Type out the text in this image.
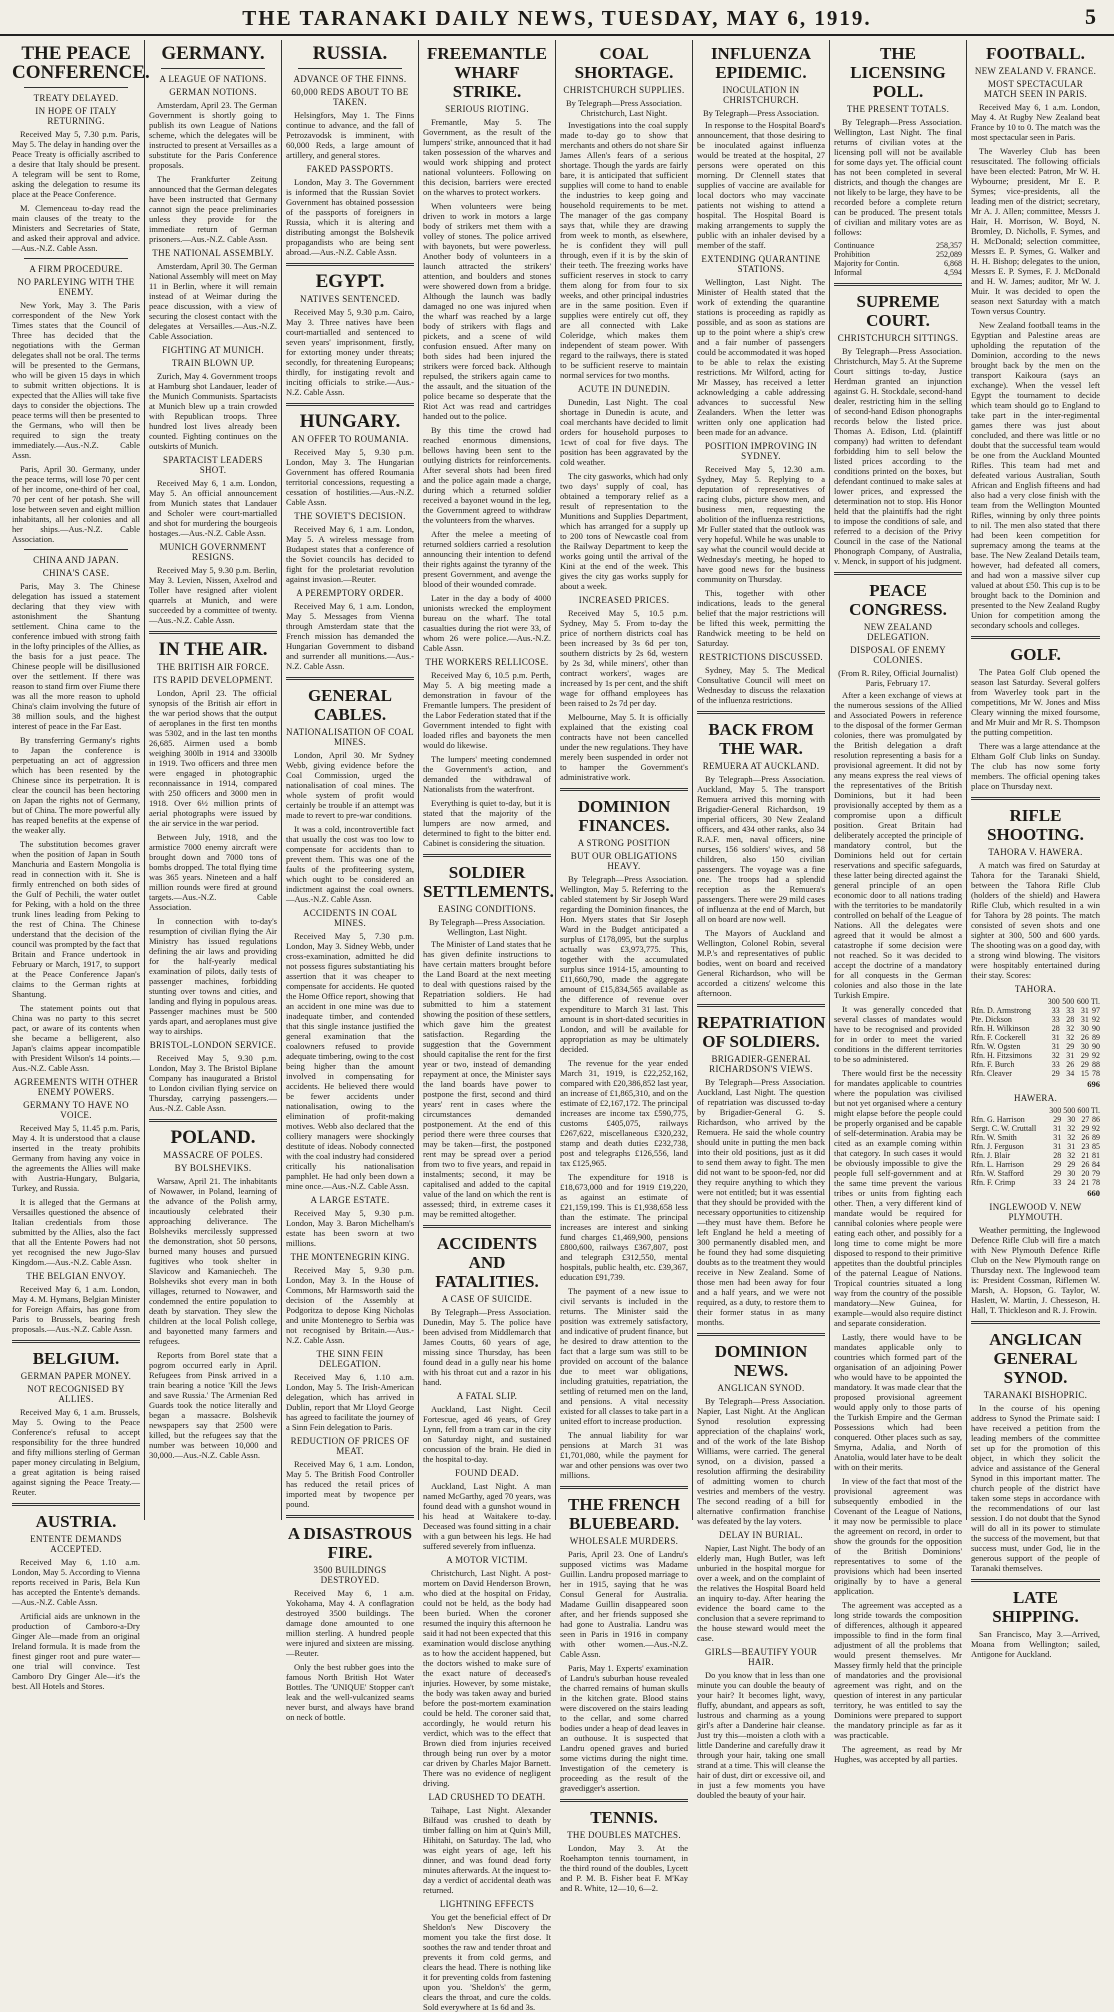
THE TARANAKI DAILY NEWS, TUESDAY, MAY 6, 1919.	5
THE PEACE CONFERENCE.
TREATY DELAYED.
IN HOPE OF ITALY RETURNING.

Received May 5, 7.30 p.m. Paris, May 5. The delay in handing over the Peace Treaty is officially ascribed to a desire that Italy should be present. A telegram will be sent to Rome, asking the delegation to resume its place at the Peace Conference.

M. Clemenceau to-day read the main clauses of the treaty to the Ministers and Secretaries of State, and asked their approval and advice.—Aus.-N.Z. Cable Assn.

A FIRM PROCEDURE.
NO PARLEYING WITH THE ENEMY.

New York, May 3. The Paris correspondent of the New York Times states that the Council of Three has decided that the negotiations with the German delegates shall not be oral. The terms will be presented to the Germans, who will be given 15 days in which to submit written objections. It is expected that the Allies will take five days to consider the objections. The peace terms will then be presented to the Germans, who will then be required to sign the treaty immediately.—Aus.-N.Z. Cable Assn.

Paris, April 30. Germany, under the peace terms, will lose 70 per cent of her income, one-third of her coal, 70 per cent of her potash. She will lose between seven and eight million inhabitants, all her colonies and all her ships.—Aus.-N.Z. Cable Association.

CHINA AND JAPAN.
CHINA'S CASE.

Paris, May 3. The Chinese delegation has issued a statement declaring that they view with astonishment the Shantung settlement. China came to the conference imbued with strong faith in the lofty principles of the Allies, as the basis for a just peace. The Chinese people will be disillusioned over the settlement. If there was reason to stand firm over Fiume there was all the more reason to uphold China's claim involving the future of 38 million souls, and the highest interest of peace in the Far East.

By transferring Germany's rights to Japan the conference is perpetuating an act of aggression which has been resented by the Chinese since its perpetration. It is clear the council has been hectoring on Japan the rights not of Germany, but of China. The more powerful ally has reaped benefits at the expense of the weaker ally.

The substitution becomes graver when the position of Japan in South Manchuria and Eastern Mongolia is read in connection with it. She is firmly entrenched on both sides of the Gulf of Pechili, the water outlet for Peking, with a hold on the three trunk lines leading from Peking to the rest of China. The Chinese understand that the decision of the council was prompted by the fact that Britain and France undertook in February or March, 1917, to support at the Peace Conference Japan's claims to the German rights at Shantung.

The statement points out that China was no party to this secret pact, or aware of its contents when she became a belligerent, also Japan's claims appear incompatible with President Wilson's 14 points.—Aus.-N.Z. Cable Assn.

AGREEMENTS WITH OTHER ENEMY POWERS.
GERMANY TO HAVE NO VOICE.

Received May 5, 11.45 p.m. Paris, May 4. It is understood that a clause inserted in the treaty prohibits Germany from having any voice in the agreements the Allies will make with Austria-Hungary, Bulgaria, Turkey, and Russia.

It is alleged that the Germans at Versailles questioned the absence of Italian credentials from those submitted by the Allies, also the fact that all the Entente Powers had not yet recognised the new Jugo-Slav Kingdom.—Aus.-N.Z. Cable Assn.

THE BELGIAN ENVOY.

Received May 6, 1 a.m. London, May 4. M. Hymans, Belgian Minister for Foreign Affairs, has gone from Paris to Brussels, bearing fresh proposals.—Aus.-N.Z. Cable Assn.

BELGIUM.
GERMAN PAPER MONEY.
NOT RECOGNISED BY ALLIES.

Received May 6, 1 a.m. Brussels, May 5. Owing to the Peace Conference's refusal to accept responsibility for the three hundred and fifty millions sterling of German paper money circulating in Belgium, a great agitation is being raised against signing the Peace Treaty.—Reuter.

AUSTRIA.
ENTENTE DEMANDS ACCEPTED.

Received May 6, 1.10 a.m. London, May 5. According to Vienna reports received in Paris, Bela Kun has accepted the Entente's demands.—Aus.-N.Z. Cable Assn.

Artificial aids are unknown in the production of Camboro-a-Dry Ginger Ale—made from an original Ireland formula. It is made from the finest ginger root and pure water—one trial will convince. Test Camboro Dry Ginger Ale—it's the best. All Hotels and Stores.

GERMANY.
A LEAGUE OF NATIONS.
GERMAN NOTIONS.

Amsterdam, April 23. The German Government is shortly going to publish its own League of Nations scheme, which the delegates will be instructed to present at Versailles as a substitute for the Paris Conference proposals.

The Frankfurter Zeitung announced that the German delegates have been instructed that Germany cannot sign the peace preliminaries unless they provide for the immediate return of German prisoners.—Aus.-N.Z. Cable Assn.

THE NATIONAL ASSEMBLY.

Amsterdam, April 30. The German National Assembly will meet on May 11 in Berlin, where it will remain instead of at Weimar during the peace discussion, with a view of securing the closest contact with the delegates at Versailles.—Aus.-N.Z. Cable Association.

FIGHTING AT MUNICH.
TRAIN BLOWN UP.

Zurich, May 4. Government troops at Hamburg shot Landauer, leader of the Munich Communists. Spartacists at Munich blew up a train crowded with Republican troops. Three hundred lost lives already been counted. Fighting continues on the outskirts of Munich.

SPARTACIST LEADERS SHOT.

Received May 6, 1 a.m. London, May 5. An official announcement from Munich states that Landauer and Scholer were court-martialled and shot for murdering the bourgeois hostages.—Aus.-N.Z. Cable Assn.

MUNICH GOVERNMENT RESIGNS.

Received May 5, 9.30 p.m. Berlin, May 3. Levien, Nissen, Axelrod and Toller have resigned after violent quarrels at Munich, and were succeeded by a committee of twenty.—Aus.-N.Z. Cable Assn.

IN THE AIR.
THE BRITISH AIR FORCE.
ITS RAPID DEVELOPMENT.

London, April 23. The official synopsis of the British air effort in the war period shows that the output of aeroplanes in the first ten months was 5302, and in the last ten months 26,685. Airmen used a bomb weighing 300lb in 1914 and 3300lb in 1919. Two officers and three men were engaged in photographic reconnaissance in 1914, compared with 250 officers and 3000 men in 1918. Over 6½ million prints of aerial photographs were issued by the air service in the war period.

Between July, 1918, and the armistice 7000 enemy aircraft were brought down and 7000 tons of bombs dropped. The total flying time was 365 years. Nineteen and a half million rounds were fired at ground targets.—Aus.-N.Z. Cable Association.

In connection with to-day's resumption of civilian flying the Air Ministry has issued regulations defining the air laws and providing for the half-yearly medical examination of pilots, daily tests of passenger machines, forbidding stunting over towns and cities, and landing and flying in populous areas. Passenger machines must be 500 yards apart, and aeroplanes must give way to airships.

BRISTOL-LONDON SERVICE.

Received May 5, 9.30 p.m. London, May 3. The Bristol Biplane Company has inaugurated a Bristol to London civilian flying service on Thursday, carrying passengers.—Aus.-N.Z. Cable Assn.

POLAND.
MASSACRE OF POLES.
BY BOLSHEVIKS.

Warsaw, April 21. The inhabitants of Nowawer, in Poland, learning of the advance of the Polish army, incautiously celebrated their approaching deliverance. The Bolsheviks mercilessly suppressed the demonstration, shot 50 persons, burned many houses and pursued fugitives who took shelter in Slavicow and Kamaniecheh. The Bolsheviks shot every man in both villages, returned to Nowawer, and condemned the entire population to death by starvation. They slew the children at the local Polish college, and bayonetted many farmers and refugees.

Reports from Borel state that a pogrom occurred early in April. Refugees from Pinsk arrived in a train bearing a notice 'Kill the Jews and save Russia.' The Armenian Red Guards took the notice literally and began a massacre. Bolshevik newspapers say that 2500 were killed, but the refugees say that the number was between 10,000 and 30,000.—Aus.-N.Z. Cable Assn.

RUSSIA.
ADVANCE OF THE FINNS.
60,000 REDS ABOUT TO BE TAKEN.

Helsingfors, May 1. The Finns continue to advance, and the fall of Petrozavodsk is imminent, with 60,000 Reds, a large amount of artillery, and general stores.

FAKED PASSPORTS.

London, May 3. The Government is informed that the Russian Soviet Government has obtained possession of the passports of foreigners in Russia, which it is altering and distributing amongst the Bolshevik propagandists who are being sent abroad.—Aus.-N.Z. Cable Assn.

EGYPT.
NATIVES SENTENCED.

Received May 5, 9.30 p.m. Cairo, May 3. Three natives have been court-martialled and sentenced to seven years' imprisonment, firstly, for extorting money under threats; secondly, for threatening Europeans; thirdly, for instigating revolt and inciting officials to strike.—Aus.-N.Z. Cable Assn.

HUNGARY.
AN OFFER TO ROUMANIA.

Received May 5, 9.30 p.m. London, May 3. The Hungarian Government has offered Roumania territorial concessions, requesting a cessation of hostilities.—Aus.-N.Z. Cable Assn.

THE SOVIET'S DECISION.

Received May 6, 1 a.m. London, May 5. A wireless message from Budapest states that a conference of the Soviet councils has decided to fight for the proletariat revolution against invasion.—Reuter.

A PEREMPTORY ORDER.

Received May 6, 1 a.m. London, May 5. Messages from Vienna through Amsterdam state that the French mission has demanded the Hungarian Government to disband and surrender all munitions.—Aus.-N.Z. Cable Assn.

GENERAL CABLES.
NATIONALISATION OF COAL MINES.

London, April 30. Mr Sydney Webb, giving evidence before the Coal Commission, urged the nationalisation of coal mines. The whole system of profit would certainly be trouble if an attempt was made to revert to pre-war conditions.

It was a cold, incontrovertible fact that usually the cost was too low to compensate for accidents than to prevent them. This was one of the faults of the profiteering system, which ought to be considered an indictment against the coal owners.—Aus.-N.Z. Cable Assn.

ACCIDENTS IN COAL MINES.

Received May 5, 7.30 p.m. London, May 3. Sidney Webb, under cross-examination, admitted he did not possess figures substantiating his assertion that it was cheaper to compensate for accidents. He quoted the Home Office report, showing that an accident in one mine was due to inadequate timber, and contended that this single instance justified the general examination that the coalowners refused to provide adequate timbering, owing to the cost being higher than the amount involved in compensating for accidents. He believed there would be fewer accidents under nationalisation, owing to the elimination of profit-making motives. Webb also declared that the colliery managers were shockingly destitute of ideas. Nobody connected with the coal industry had considered critically his nationalisation pamphlet. He had only been down a mine once.—Aus.-N.Z. Cable Assn.

A LARGE ESTATE.

Received May 5, 9.30 p.m. London, May 3. Baron Michelham's estate has been sworn at two millions.

THE MONTENEGRIN KING.

Received May 5, 9.30 p.m. London, May 3. In the House of Commons, Mr Harmsworth said the decision of the Assembly at Podgoritza to depose King Nicholas and unite Montenegro to Serbia was not recognised by Britain.—Aus.-N.Z. Cable Assn.

THE SINN FEIN DELEGATION.

Received May 6, 1.10 a.m. London, May 5. The Irish-American delegation, which has arrived in Dublin, report that Mr Lloyd George has agreed to facilitate the journey of a Sinn Fein delegation to Paris.

REDUCTION OF PRICES OF MEAT.

Received May 6, 1 a.m. London, May 5. The British Food Controller has reduced the retail prices of imported meat by twopence per pound.

A DISASTROUS FIRE.
3500 BUILDINGS DESTROYED.

Received May 6, 1 a.m. Yokohama, May 4. A conflagration destroyed 3500 buildings. The damage done amounted to one million sterling. A hundred people were injured and sixteen are missing.—Reuter.

Only the best rubber goes into the famous North British Hot Water Bottles. The 'UNIQUE' Stopper can't leak and the well-vulcanized seams never burst, and always have brand on neck of bottle.

FREEMANTLE WHARF STRIKE.
SERIOUS RIOTING.

Fremantle, May 5. The Government, as the result of the lumpers' strike, announced that it had taken possession of the wharves and would work shipping and protect national volunteers. Following on this decision, barriers were erected on the wharves to protect workers.

When volunteers were being driven to work in motors a large body of strikers met them with a volley of stones. The police arrived with bayonets, but were powerless. Another body of volunteers in a launch attracted the strikers' attention, and boulders and stones were showered down from a bridge. Although the launch was badly damaged no one was injured when the wharf was reached by a large body of strikers with flags and pickets, and a scene of wild confusion ensued. After many on both sides had been injured the strikers were forced back. Although repulsed, the strikers again came to the assault, and the situation of the police became so desperate that the Riot Act was read and cartridges handed out to the police.

By this time the crowd had reached enormous dimensions, bellows having been sent to the outlying districts for reinforcements. After several shots had been fired and the police again made a charge, during which a returned soldier received a bayonet wound in the leg, the Government agreed to withdraw the volunteers from the wharves.

After the melee a meeting of returned soldiers carried a resolution announcing their intention to defend their rights against the tyranny of the present Government, and avenge the blood of their wounded comrade.

Later in the day a body of 4000 unionists wrecked the employment bureau on the wharf. The total casualties during the riot were 33, of whom 26 were police.—Aus.-N.Z. Cable Assn.

THE WORKERS RELLICOSE.

Received May 6, 10.5 p.m. Perth, May 5. A big meeting made a demonstration in favour of the Fremantle lumpers. The president of the Labor Federation stated that if the Government intended to fight with loaded rifles and bayonets the men would do likewise.

The lumpers' meeting condemned the Government's action, and demanded the withdrawal of Nationalists from the waterfront.

Everything is quiet to-day, but it is stated that the majority of the lumpers are now armed, and determined to fight to the bitter end. Cabinet is considering the situation.

SOLDIER SETTLEMENTS.
EASING CONDITIONS.
By Telegraph—Press Association. Wellington, Last Night.

The Minister of Land states that he has given definite instructions to have certain matters brought before the Land Board at the next meeting to deal with questions raised by the Repatriation soldiers. He had submitted to him a statement showing the position of these settlers, which gave him the greatest satisfaction. Regarding the suggestion that the Government should capitalise the rent for the first year or two, instead of demanding repayment at once, the Minister says the land boards have power to postpone the first, second and third years' rent in cases where the circumstances demanded postponement. At the end of this period there were three courses that may be taken—first, the postponed rent may be spread over a period from two to five years, and repaid in instalments; second, it may be capitalised and added to the capital value of the land on which the rent is assessed; third, in extreme cases it may be remitted altogether.

ACCIDENTS AND FATALITIES.
A CASE OF SUICIDE.

By Telegraph—Press Association. Dunedin, May 5. The police have been advised from Middlemarch that James Coutts, 60 years of age, missing since Thursday, has been found dead in a gully near his home with his throat cut and a razor in his hand.

A FATAL SLIP.

Auckland, Last Night. Cecil Fortescue, aged 46 years, of Grey Lynn, fell from a tram car in the city on Saturday night, and sustained concussion of the brain. He died in the hospital to-day.

FOUND DEAD.

Auckland, Last Night. A man named McGarthy, aged 70 years, was found dead with a gunshot wound in his head at Waitakere to-day. Deceased was found sitting in a chair with a gun between his legs. He had suffered severely from influenza.

A MOTOR VICTIM.

Christchurch, Last Night. A post-mortem on David Henderson Brown, who died at the hospital on Friday, could not be held, as the body had been buried. When the coroner resumed the inquiry this afternoon he said it had not been expected that this examination would disclose anything as to how the accident happened, but the doctors wished to make sure of the exact nature of deceased's injuries. However, by some mistake, the body was taken away and buried before the post-mortem examination could be held. The coroner said that, accordingly, he would return his verdict, which was to the effect that Brown died from injuries received through being run over by a motor car driven by Charles Major Barnett. There was no evidence of negligent driving.

LAD CRUSHED TO DEATH.

Taihape, Last Night. Alexander Bilfaud was crushed to death by timber falling on him at Quin's Mill, Hihitahi, on Saturday. The lad, who was eight years of age, left his dinner, and was found dead forty minutes afterwards. At the inquest to-day a verdict of accidental death was returned.

LIGHTNING EFFECTS

You get the beneficial effect of Dr Sheldon's New Discovery the moment you take the first dose. It soothes the raw and tender throat and prevents it from cold germs, and clears the head. There is nothing like it for preventing colds from fastening upon you. 'Sheldon's' the germ, clears the throat, and cure the colds. Sold everywhere at 1s 6d and 3s.

COAL SHORTAGE.
CHRISTCHURCH SUPPLIES.
By Telegraph—Press Association. Christchurch, Last Night.

Investigations into the coal supply made to-day go to show that merchants and others do not share Sir James Allen's fears of a serious shortage. Though the yards are fairly bare, it is anticipated that sufficient supplies will come to hand to enable the industries to keep going and household requirements to be met. The manager of the gas company says that, while they are drawing from week to month, as elsewhere, he is confident they will pull through, even if it is by the skin of their teeth. The freezing works have sufficient reserves in stock to carry them along for from four to six weeks, and other principal industries are in the same position. Even if supplies were entirely cut off, they are all connected with Lake Coleridge, which makes them independent of steam power. With regard to the railways, there is stated to be sufficient reserve to maintain normal services for two months.

ACUTE IN DUNEDIN.

Dunedin, Last Night. The coal shortage in Dunedin is acute, and coal merchants have decided to limit orders for household purposes to 1cwt of coal for five days. The position has been aggravated by the cold weather.

The city gasworks, which had only two days' supply of coal, has obtained a temporary relief as a result of representation to the Munitions and Supplies Department, which has arranged for a supply up to 200 tons of Newcastle coal from the Railway Department to keep the works going until the arrival of the Kini at the end of the week. This gives the city gas works supply for about a week.

INCREASED PRICES.

Received May 5, 10.5 p.m. Sydney, May 5. From to-day the price of northern districts coal has been increased by 3s 6d per ton, southern districts by 2s 6d, western by 2s 3d, while miners', other than contract workers', wages are increased by 1s per cent, and the shift wage for offhand employees has been raised to 2s 7d per day.

Melbourne, May 5. It is officially explained that the existing coal contracts have not been cancelled under the new regulations. They have merely been suspended in order not to hamper the Government's administrative work.

DOMINION FINANCES.
A STRONG POSITION
BUT OUR OBLIGATIONS HEAVY.

By Telegraph—Press Association. Wellington, May 5. Referring to the cabled statement by Sir Joseph Ward regarding the Dominion finances, the Hon. Myers states that Sir Joseph Ward in the Budget anticipated a surplus of £178,095, but the surplus actually was £3,973,775. This, together with the accumulated surplus since 1914-15, amounting to £11,660,790, made the aggregate amount of £15,834,565 available as the difference of revenue over expenditure to March 31 last. This amount is in short-dated securities in London, and will be available for appropriation as may be ultimately decided.

The revenue for the year ended March 31, 1919, is £22,252,162, compared with £20,386,852 last year, an increase of £1,865,310, and on the estimate of £2,167,172. The principal increases are income tax £590,775, customs £405,075, railways £267,622, miscellaneous £320,232, stamp and death duties £232,738, post and telegraphs £126,556, land tax £125,965.

The expenditure for 1918 is £18,673,000 and for 1919 £19,220, as against an estimate of £21,159,199. This is £1,938,658 less than the estimate. The principal increases are interest and sinking fund charges £1,469,900, pensions £800,600, railways £367,807, post and telegraph £312,550, mental hospitals, public health, etc. £39,367, education £91,739.

The payment of a new issue to civil servants is included in the returns. The Minister said the position was extremely satisfactory, and indicative of prudent finance, but he desired to draw attention to the fact that a large sum was still to be provided on account of the balance due to meet war obligations, including gratuities, repatriation, the settling of returned men on the land, and pensions. A vital necessity existed for all classes to take part in a united effort to increase production.

The annual liability for war pensions at March 31 was £1,701,080, while the payment for war and other pensions was over two millions.

THE FRENCH BLUEBEARD.
WHOLESALE MURDERS.

Paris, April 23. One of Landru's supposed victims was Madame Guillin. Landru proposed marriage to her in 1915, saying that he was Consul General for Australia. Madame Guillin disappeared soon after, and her friends supposed she had gone to Australia. Landru was seen in Paris in 1916 in company with other women.—Aus.-N.Z. Cable Assn.

Paris, May 1. Experts' examination of Landru's suburban house revealed the charred remains of human skulls in the kitchen grate. Blood stains were discovered on the stairs leading to the cellar, and some charred bodies under a heap of dead leaves in an outhouse. It is suspected that Landru opened graves and buried some victims during the night time. Investigation of the cemetery is proceeding as the result of the gravedigger's assertion.

TENNIS.
THE DOUBLES MATCHES.

London, May 3. At the Roehampton tennis tournament, in the third round of the doubles, Lycett and P. M. B. Fisher beat F. M'Kay and R. White, 12—10, 6—2.

INFLUENZA EPIDEMIC.
INOCULATION IN CHRISTCHURCH.
By Telegraph—Press Association.

In response to the Hospital Board's announcement, that those desiring to be inoculated against influenza would be treated at the hospital, 27 persons were operated on this morning. Dr Clennell states that supplies of vaccine are available for local doctors who may vaccinate patients not wishing to attend a hospital. The Hospital Board is making arrangements to supply the public with an inhaler devised by a member of the staff.

EXTENDING QUARANTINE STATIONS.

Wellington, Last Night. The Minister of Health stated that the work of extending the quarantine stations is proceeding as rapidly as possible, and as soon as stations are up to the point where a ship's crew and a fair number of passengers could be accommodated it was hoped to be able to relax the existing restrictions. Mr Wilford, acting for Mr Massey, has received a letter acknowledging a cable addressing advances to successful New Zealanders. When the letter was written only one application had been made for an advance.

POSITION IMPROVING IN SYDNEY.

Received May 5, 12.30 a.m. Sydney, May 5. Replying to a deputation of representatives of racing clubs, picture show men, and business men, requesting the abolition of the influenza restrictions, Mr Fuller stated that the outlook was very hopeful. While he was unable to say what the council would decide at Wednesday's meeting, he hoped to have good news for the business community on Thursday.

This, together with other indications, leads to the general belief that the major restrictions will be lifted this week, permitting the Randwick meeting to be held on Saturday.

RESTRICTIONS DISCUSSED.

Sydney, May 5. The Medical Consultative Council will meet on Wednesday to discuss the relaxation of the influenza restrictions.

BACK FROM THE WAR.
REMUERA AT AUCKLAND.

By Telegraph—Press Association. Auckland, May 5. The transport Remuera arrived this morning with Brigadier-General Richardson, 19 imperial officers, 30 New Zealand officers, and 434 other ranks, also 34 R.A.F. men, naval officers, nine nurses, 156 soldiers' wives, and 58 children, also 150 civilian passengers. The voyage was a fine one. The troops had a splendid reception as the Remuera's passengers. There were 29 mild cases of influenza at the end of March, but all on board are now well.

The Mayors of Auckland and Wellington, Colonel Robin, several M.P.'s and representatives of public bodies, went on board and received General Richardson, who will be accorded a citizens' welcome this afternoon.

REPATRIATION OF SOLDIERS.
BRIGADIER-GENERAL RICHARDSON'S VIEWS.

By Telegraph—Press Association. Auckland, Last Night. The question of repatriation was discussed to-day by Brigadier-General G. S. Richardson, who arrived by the Remuera. He said the whole country should unite in putting the men back into their old positions, just as it did to send them away to fight. The men did not want to be spoon-fed, nor did they require anything to which they were not entitled; but it was essential that they should be provided with the necessary opportunities to citizenship—they must have them. Before he left England he held a meeting of 300 permanently disabled men, and he found they had some disquieting doubts as to the treatment they would receive in New Zealand. Some of those men had been away for four and a half years, and we were not required, as a duty, to restore them to their former status in as many months.

DOMINION NEWS.
ANGLICAN SYNOD.

By Telegraph—Press Association. Napier, Last Night. At the Anglican Synod resolution expressing appreciation of the chaplains' work, and of the work of the late Bishop Williams, were carried. The general synod, on a division, passed a resolution affirming the desirability of admitting women to church vestries and members of the vestry. The second reading of a bill for alternative confirmation franchise was defeated by the lay voters.

DELAY IN BURIAL.

Napier, Last Night. The body of an elderly man, Hugh Butler, was left unburied in the hospital morgue for over a week, and on the complaint of the relatives the Hospital Board held an inquiry to-day. After hearing the evidence the board came to the conclusion that a severe reprimand to the house steward would meet the case.

GIRLS—BEAUTIFY YOUR HAIR.

Do you know that in less than one minute you can double the beauty of your hair? It becomes light, wavy, fluffy, abundant, and appears as soft, lustrous and charming as a young girl's after a Danderine hair cleanse. Just try this—moisten a cloth with a little Danderine and carefully draw it through your hair, taking one small strand at a time. This will cleanse the hair of dust, dirt or excessive oil, and in just a few moments you have doubled the beauty of your hair.

THE LICENSING POLL.
THE PRESENT TOTALS.

By Telegraph—Press Association. Wellington, Last Night. The final returns of civilian votes at the licensing poll will not be available for some days yet. The official count has not been completed in several districts, and though the changes are not likely to be large, they have to be recorded before a complete return can be produced. The present totals of civilian and military votes are as follows:

Continuance	258,357
Prohibition	252,089
Majority for Contin.	6,868
Informal	4,594
SUPREME COURT.
CHRISTCHURCH SITTINGS.

By Telegraph—Press Association. Christchurch, May 5. At the Supreme Court sittings to-day, Justice Herdman granted an injunction against G. H. Stockdale, second-hand dealer, restricting him in the selling of second-hand Edison phonographs records below the listed price. Thomas A. Edison, Ltd. (plaintiff company) had written to defendant forbidding him to sell below the listed prices according to the conditions printed on the boxes, but defendant continued to make sales at lower prices, and expressed the determination not to stop. His Honor held that the plaintiffs had the right to impose the conditions of sale, and referred to a decision of the Privy Council in the case of the National Phonograph Company, of Australia, v. Menck, in support of his judgment.

PEACE CONGRESS.
NEW ZEALAND DELEGATION.
DISPOSAL OF ENEMY COLONIES.
(From R. Riley, Official Journalist) Paris, February 17.

After a keen exchange of views at the numerous sessions of the Allied and Associated Powers in reference to the disposal of the former German colonies, there was promulgated by the British delegation a draft resolution representing a basis for a provisional agreement. It did not by any means express the real views of the representatives of the British Dominions, but it had been provisionally accepted by them as a compromise upon a difficult position. Great Britain had deliberately accepted the principle of mandatory control, but the Dominions held out for certain reservations and specific safeguards, these latter being directed against the general principle of an open economic door to all nations trading with the territories to be mandatorily controlled on behalf of the League of Nations. All the delegates were agreed that it would be almost a catastrophe if some decision were not reached. So it was decided to accept the doctrine of a mandatory for all conquests in the German colonies and also those in the late Turkish Empire.

It was generally conceded that several classes of mandates would have to be recognised and provided for in order to meet the varied conditions in the different territories to be so administered.

There would first be the necessity for mandates applicable to countries where the population was civilised but not yet organised where a century might elapse before the people could be properly organised and be capable of self-determination. Arabia may be cited as an example coming within that category. In such cases it would be obviously impossible to give the people full self-government and at the same time prevent the various tribes or units from fighting each other. Then, a very different kind of mandate would be required for cannibal colonies where people were eating each other, and possibly for a long time to come might be more disposed to respond to their primitive appetites than the doubtful principles of the paternal League of Nations. Tropical countries situated a long way from the country of the possible mandatory—New Guinea, for example—would also require distinct and separate consideration.

Lastly, there would have to be mandates applicable only to countries which formed part of the organisation of an adjoining Power who would have to be appointed the mandatory. It was made clear that the proposed provisional agreement would apply only to those parts of the Turkish Empire and the German Possessions which had been conquered. Other places such as say, Smyrna, Adalia, and North of Anatolia, would later have to be dealt with on their merits.

In view of the fact that most of the provisional agreement was subsequently embodied in the Covenant of the League of Nations, it may now be permissible to place the agreement on record, in order to show the grounds for the opposition of the British Dominions' representatives to some of the provisions which had been inserted originally by to have a general application.

The agreement was accepted as a long stride towards the composition of differences, although it appeared impossible to find in the form final adjustment of all the problems that would present themselves. Mr Massey firmly held that the principle of mandatories and the provisional agreement was right, and on the question of interest in any particular territory, he was entitled to say the Dominions were prepared to support the mandatory principle as far as it was practicable.

The agreement, as read by Mr Hughes, was accepted by all parties.

FOOTBALL.
NEW ZEALAND V. FRANCE.
MOST SPECTACULAR MATCH SEEN IN PARIS.

Received May 6, 1 a.m. London, May 4. At Rugby New Zealand beat France by 10 to 0. The match was the most spectacular seen in Paris.

The Waverley Club has been resuscitated. The following officials have been elected: Patron, Mr W. H. Wybourne; president, Mr E. P. Symes; vice-presidents, all the leading men of the district; secretary, Mr A. J. Allen; committee, Messrs J. Hair, H. Morrison, W. Boyd, N. Bromley, D. Nicholls, F. Symes, and H. McDonald; selection committee, Messrs E. P. Symes, G. Walker and H. H. Bishop; delegates to the union, Messrs E. P. Symes, F. J. McDonald and H. W. James; auditor, Mr W. J. Muir. It was decided to open the season next Saturday with a match Town versus Country.

New Zealand football teams in the Egyptian and Palestine areas are upholding the reputation of the Dominion, according to the news brought back by the men on the transport Kaikoura (says an exchange). When the vessel left Egypt the tournament to decide which team should go to England to take part in the inter-regimental games there was just about concluded, and there was little or no doubt that the successful team would be one from the Auckland Mounted Rifles. This team had met and defeated various Australian, South African and English fifteens and had also had a very close finish with the team from the Wellington Mounted Rifles, winning by only three points to nil. The men also stated that there had been keen competition for supremacy among the teams at the base. The New Zealand Details team, however, had defeated all comers, and had won a massive silver cup valued at about £50. This cup is to be brought back to the Dominion and presented to the New Zealand Rugby Union for competition among the secondary schools and colleges.

GOLF.

The Patea Golf Club opened the season last Saturday. Several golfers from Waverley took part in the competitions, Mr W. Jones and Miss Cleary winning the mixed foursome, and Mr Muir and Mr R. S. Thompson the putting competition.

There was a large attendance at the Eltham Golf Club links on Sunday. The club has now some forty members. The official opening takes place on Thursday next.

RIFLE SHOOTING.
TAHORA V. HAWERA.

A match was fired on Saturday at Tahora for the Taranaki Shield, between the Tahora Rifle Club (holders of the shield) and Hawera Rifle Club, which resulted in a win for Tahora by 28 points. The match consisted of seven shots and one sighter at 300, 500 and 600 yards. The shooting was on a good day, with a strong wind blowing. The visitors were hospitably entertained during their stay. Scores:

TAHORA.
	300	500	600	Tl.
Rfn. D. Armstrong	33	33	31	97
Pte. Dickson	33	28	31	92
Rfn. H. Wilkinson	28	32	30	90
Rfn. F. Cockerell	31	32	26	89
Rfn. W. Ogsten	31	29	30	90
Rfn. H. Fitzsimons	32	31	29	92
Rfn. F. Burch	33	26	29	88
Rfn. Cleaver	29	34	15	78
696
HAWERA.
	300	500	600	Tl.
Rfn. G. Harrison	29	30	27	86
Sergt. C. W. Cruttall	31	32	29	92
Rfn. W. Smith	31	32	26	89
Rfn. J. Ferguson	31	31	23	85
Rfn. J. Blair	28	32	21	81
Rfn. L. Harrison	29	29	26	84
Rfn. W. Stafford	29	30	20	79
Rfn. F. Crimp	33	24	21	78
660
INGLEWOOD V. NEW PLYMOUTH.

Weather permitting, the Inglewood Defence Rifle Club will fire a match with New Plymouth Defence Rifle Club on the New Plymouth range on Thursday next. The Inglewood team is: President Cossman, Riflemen W. Marsh, A. Hopson, G. Taylor, W. Haslett, W. Martin, J. Chesseson, H. Hall, T. Thickleson and R. J. Frowin.

ANGLICAN GENERAL SYNOD.
TARANAKI BISHOPRIC.

In the course of his opening address to Synod the Primate said: I have received a petition from the leading members of the committee set up for the promotion of this object, in which they solicit the advice and assistance of the General Synod in this important matter. The church people of the district have taken some steps in accordance with the recommendations of our last session. I do not doubt that the Synod will do all in its power to stimulate the success of the movement, but that success must, under God, lie in the generous support of the people of Taranaki themselves.

LATE SHIPPING.

San Francisco, May 3.—Arrived, Moana from Wellington; sailed, Antigone for Auckland.
